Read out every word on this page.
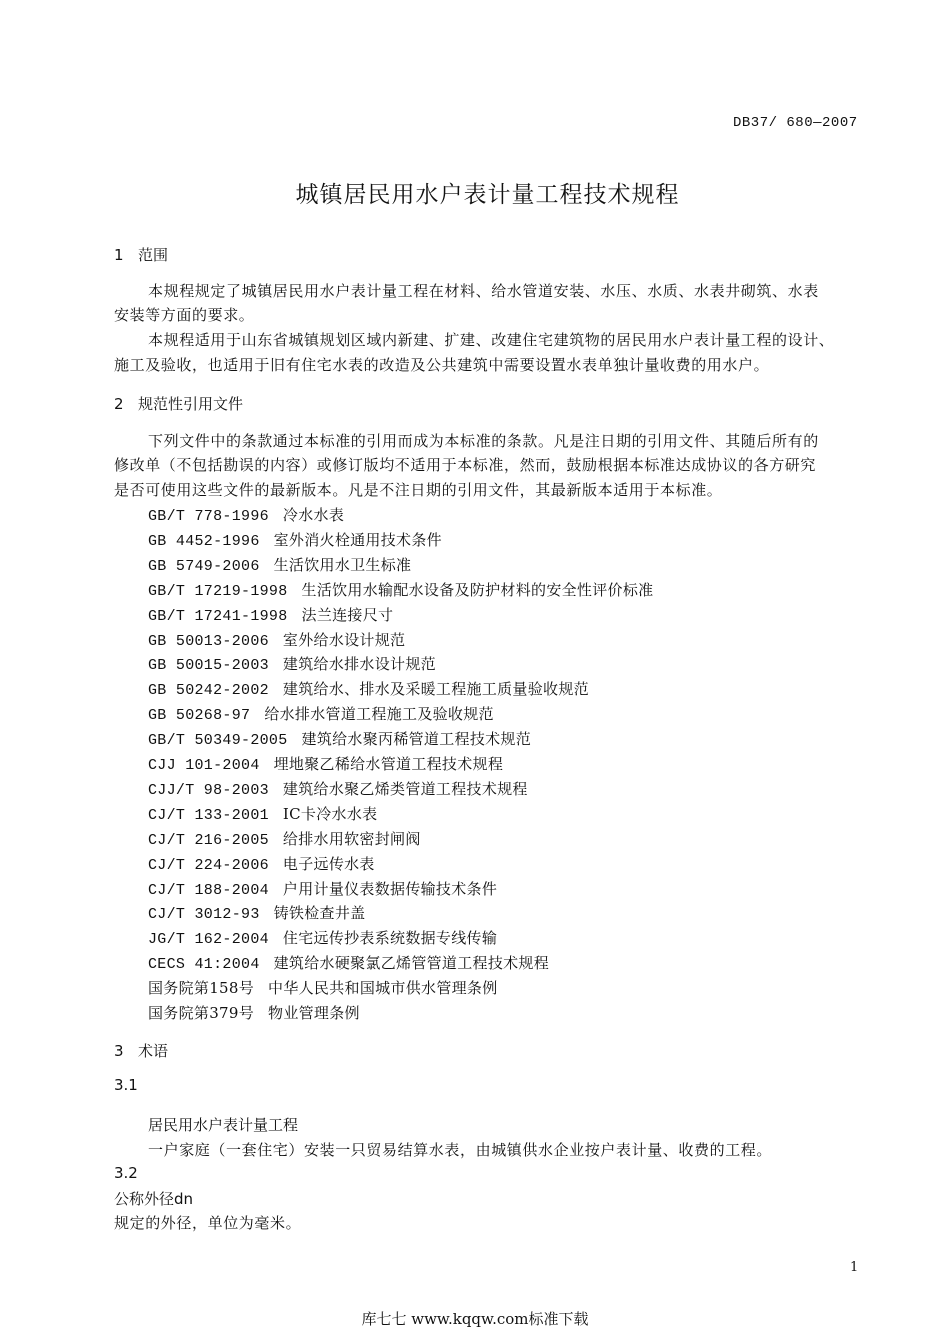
DB37/ 680—2007
城镇居民用水户表计量工程技术规程
1 范围
本规程规定了城镇居民用水户表计量工程在材料、给水管道安装、水压、水质、水表井砌筑、水表
安装等方面的要求。
本规程适用于山东省城镇规划区域内新建、扩建、改建住宅建筑物的居民用水户表计量工程的设计、
施工及验收，也适用于旧有住宅水表的改造及公共建筑中需要设置水表单独计量收费的用水户。
2 规范性引用文件
下列文件中的条款通过本标准的引用而成为本标准的条款。凡是注日期的引用文件、其随后所有的
修改单（不包括勘误的内容）或修订版均不适用于本标准，然而，鼓励根据本标准达成协议的各方研究
是否可使用这些文件的最新版本。凡是不注日期的引用文件，其最新版本适用于本标准。
GB/T 778-1996 冷水水表
GB 4452-1996 室外消火栓通用技术条件
GB 5749-2006 生活饮用水卫生标准
GB/T 17219-1998 生活饮用水输配水设备及防护材料的安全性评价标准
GB/T 17241-1998 法兰连接尺寸
GB 50013-2006 室外给水设计规范
GB 50015-2003 建筑给水排水设计规范
GB 50242-2002 建筑给水、排水及采暖工程施工质量验收规范
GB 50268-97 给水排水管道工程施工及验收规范
GB/T 50349-2005 建筑给水聚丙稀管道工程技术规范
CJJ 101-2004 埋地聚乙稀给水管道工程技术规程
CJJ/T 98-2003 建筑给水聚乙烯类管道工程技术规程
CJ/T 133-2001 IC卡冷水水表
CJ/T 216-2005 给排水用软密封闸阀
CJ/T 224-2006 电子远传水表
CJ/T 188-2004 户用计量仪表数据传输技术条件
CJ/T 3012-93 铸铁检查井盖
JG/T 162-2004 住宅远传抄表系统数据专线传输
CECS 41:2004 建筑给水硬聚氯乙烯管管道工程技术规程
国务院第158号 中华人民共和国城市供水管理条例
国务院第379号 物业管理条例
3 术语
3.1
居民用水户表计量工程
一户家庭（一套住宅）安装一只贸易结算水表，由城镇供水企业按户表计量、收费的工程。
3.2
公称外径dn
规定的外径，单位为毫米。
1
库七七 www.kqqw.com标准下载
